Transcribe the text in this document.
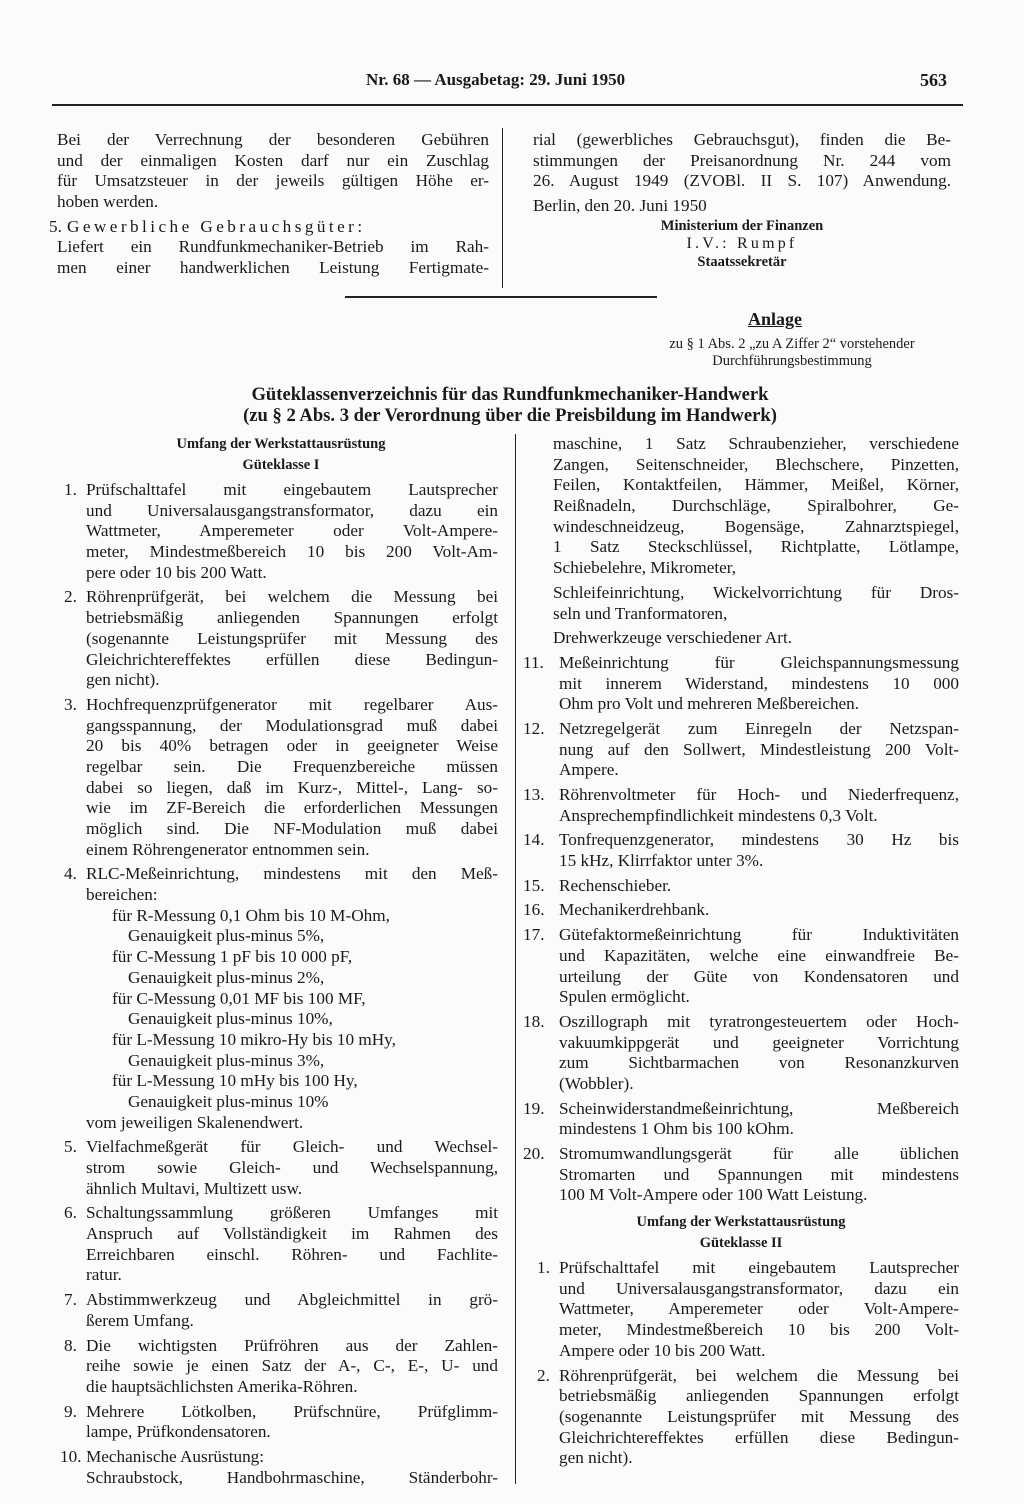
Nr. 68 — Ausgabetag: 29. Juni 1950	563
Bei der Verrechnung der besonderen Gebühren
und der einmaligen Kosten darf nur ein Zuschlag
für Umsatzsteuer in der jeweils gültigen Höhe er-
hoben werden.
5. Gewerbliche Gebrauchsgüter:
Liefert ein Rundfunkmechaniker-Betrieb im Rah-
men einer handwerklichen Leistung Fertigmate-
rial (gewerbliches Gebrauchsgut), finden die Be-
stimmungen der Preisanordnung Nr. 244 vom
26. August 1949 (ZVOBl. II S. 107) Anwendung.
Berlin, den 20. Juni 1950
Ministerium der Finanzen
I.V.: Rumpf
Staatssekretär
Anlage
zu § 1 Abs. 2 „zu A Ziffer 2“ vorstehender
Durchführungsbestimmung
Güteklassenverzeichnis für das Rundfunkmechaniker-Handwerk
(zu § 2 Abs. 3 der Verordnung über die Preisbildung im Handwerk)
Umfang der Werkstattausrüstung
Güteklasse I
1. Prüfschalttafel mit eingebautem Lautsprecher
und Universalausgangstransformator, dazu ein
Wattmeter, Amperemeter oder Volt-Ampere-
meter, Mindestmeßbereich 10 bis 200 Volt-Am-
pere oder 10 bis 200 Watt.
2. Röhrenprüfgerät, bei welchem die Messung bei
betriebsmäßig anliegenden Spannungen erfolgt
(sogenannte Leistungsprüfer mit Messung des
Gleichrichtereffektes erfüllen diese Bedingun-
gen nicht).
3. Hochfrequenzprüfgenerator mit regelbarer Aus-
gangsspannung, der Modulationsgrad muß dabei
20 bis 40% betragen oder in geeigneter Weise
regelbar sein. Die Frequenzbereiche müssen
dabei so liegen, daß im Kurz-, Mittel-, Lang- so-
wie im ZF-Bereich die erforderlichen Messungen
möglich sind. Die NF-Modulation muß dabei
einem Röhrengenerator entnommen sein.
4. RLC-Meßeinrichtung, mindestens mit den Meß-
bereichen:
für R-Messung 0,1 Ohm bis 10 M-Ohm,
Genauigkeit plus-minus 5%,
für C-Messung 1 pF bis 10 000 pF,
Genauigkeit plus-minus 2%,
für C-Messung 0,01 MF bis 100 MF,
Genauigkeit plus-minus 10%,
für L-Messung 10 mikro-Hy bis 10 mHy,
Genauigkeit plus-minus 3%,
für L-Messung 10 mHy bis 100 Hy,
Genauigkeit plus-minus 10%
vom jeweiligen Skalenendwert.
5. Vielfachmeßgerät für Gleich- und Wechsel-
strom sowie Gleich- und Wechselspannung,
ähnlich Multavi, Multizett usw.
6. Schaltungssammlung größeren Umfanges mit
Anspruch auf Vollständigkeit im Rahmen des
Erreichbaren einschl. Röhren- und Fachlite-
ratur.
7. Abstimmwerkzeug und Abgleichmittel in grö-
ßerem Umfang.
8. Die wichtigsten Prüfröhren aus der Zahlen-
reihe sowie je einen Satz der A-, C-, E-, U- und
die hauptsächlichsten Amerika-Röhren.
9. Mehrere Lötkolben, Prüfschnüre, Prüfglimm-
lampe, Prüfkondensatoren.
10. Mechanische Ausrüstung:
Schraubstock, Handbohrmaschine, Ständerbohr-
maschine, 1 Satz Schraubenzieher, verschiedene
Zangen, Seitenschneider, Blechschere, Pinzetten,
Feilen, Kontaktfeilen, Hämmer, Meißel, Körner,
Reißnadeln, Durchschläge, Spiralbohrer, Ge-
windeschneidzeug, Bogensäge, Zahnarztspiegel,
1 Satz Steckschlüssel, Richtplatte, Lötlampe,
Schiebelehre, Mikrometer,
Schleifeinrichtung, Wickelvorrichtung für Dros-
seln und Tranformatoren,
Drehwerkzeuge verschiedener Art.
11. Meßeinrichtung für Gleichspannungsmessung
mit innerem Widerstand, mindestens 10 000
Ohm pro Volt und mehreren Meßbereichen.
12. Netzregelgerät zum Einregeln der Netzspan-
nung auf den Sollwert, Mindestleistung 200 Volt-
Ampere.
13. Röhrenvoltmeter für Hoch- und Niederfrequenz,
Ansprechempfindlichkeit mindestens 0,3 Volt.
14. Tonfrequenzgenerator, mindestens 30 Hz bis
15 kHz, Klirrfaktor unter 3%.
15. Rechenschieber.
16. Mechanikerdrehbank.
17. Gütefaktormeßeinrichtung für Induktivitäten
und Kapazitäten, welche eine einwandfreie Be-
urteilung der Güte von Kondensatoren und
Spulen ermöglicht.
18. Oszillograph mit tyratrongesteuertem oder Hoch-
vakuumkippgerät und geeigneter Vorrichtung
zum Sichtbarmachen von Resonanzkurven
(Wobbler).
19. Scheinwiderstandmeßeinrichtung, Meßbereich
mindestens 1 Ohm bis 100 kOhm.
20. Stromumwandlungsgerät für alle üblichen
Stromarten und Spannungen mit mindestens
100 M Volt-Ampere oder 100 Watt Leistung.
Umfang der Werkstattausrüstung
Güteklasse II
1. Prüfschalttafel mit eingebautem Lautsprecher
und Universalausgangstransformator, dazu ein
Wattmeter, Amperemeter oder Volt-Ampere-
meter, Mindestmeßbereich 10 bis 200 Volt-
Ampere oder 10 bis 200 Watt.
2. Röhrenprüfgerät, bei welchem die Messung bei
betriebsmäßig anliegenden Spannungen erfolgt
(sogenannte Leistungsprüfer mit Messung des
Gleichrichtereffektes erfüllen diese Bedingun-
gen nicht).
